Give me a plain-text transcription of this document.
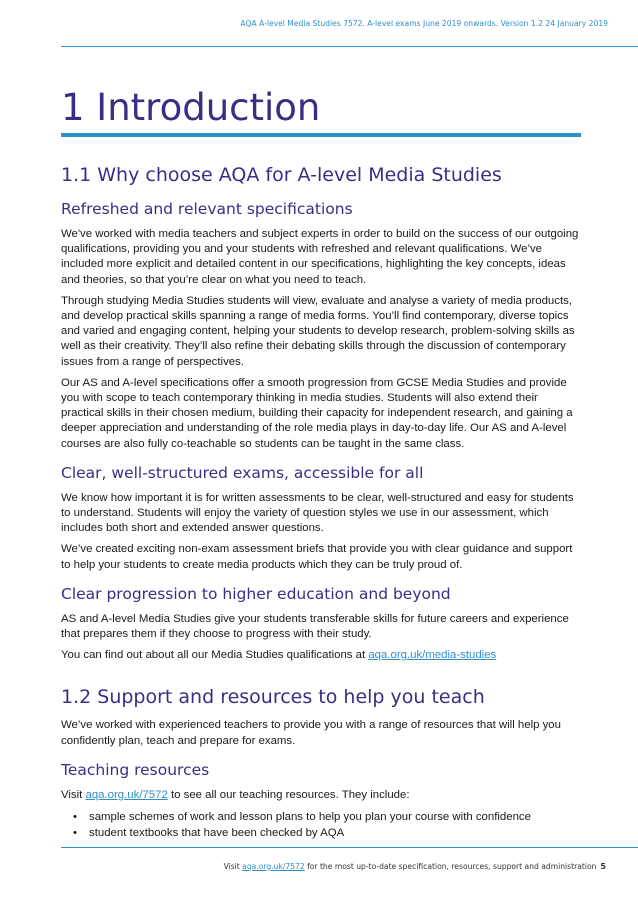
AQA A-level Media Studies 7572. A-level exams June 2019 onwards. Version 1.2 24 January 2019
1 Introduction
1.1 Why choose AQA for A-level Media Studies
Refreshed and relevant specifications

We've worked with media teachers and subject experts in order to build on the success of our outgoing qualifications, providing you and your students with refreshed and relevant qualifications. We’ve included more explicit and detailed content in our specifications, highlighting the key concepts, ideas and theories, so that you’re clear on what you need to teach.

Through studying Media Studies students will view, evaluate and analyse a variety of media products, and develop practical skills spanning a range of media forms. You’ll find contemporary, diverse topics and varied and engaging content, helping your students to develop research, problem-solving skills as well as their creativity. They’ll also refine their debating skills through the discussion of contemporary issues from a range of perspectives.

Our AS and A-level specifications offer a smooth progression from GCSE Media Studies and provide you with scope to teach contemporary thinking in media studies. Students will also extend their practical skills in their chosen medium, building their capacity for independent research, and gaining a deeper appreciation and understanding of the role media plays in day-to-day life. Our AS and A-level courses are also fully co-teachable so students can be taught in the same class.

Clear, well-structured exams, accessible for all

We know how important it is for written assessments to be clear, well-structured and easy for students to understand. Students will enjoy the variety of question styles we use in our assessment, which includes both short and extended answer questions.

We’ve created exciting non-exam assessment briefs that provide you with clear guidance and support to help your students to create media products which they can be truly proud of.

Clear progression to higher education and beyond

AS and A-level Media Studies give your students transferable skills for future careers and experience that prepares them if they choose to progress with their study.

You can find out about all our Media Studies qualifications at aqa.org.uk/media-studies

1.2 Support and resources to help you teach

We’ve worked with experienced teachers to provide you with a range of resources that will help you confidently plan, teach and prepare for exams.

Teaching resources

Visit aqa.org.uk/7572 to see all our teaching resources. They include:

• sample schemes of work and lesson plans to help you plan your course with confidence
• student textbooks that have been checked by AQA
Visit aqa.org.uk/7572 for the most up-to-date specification, resources, support and administration 5
